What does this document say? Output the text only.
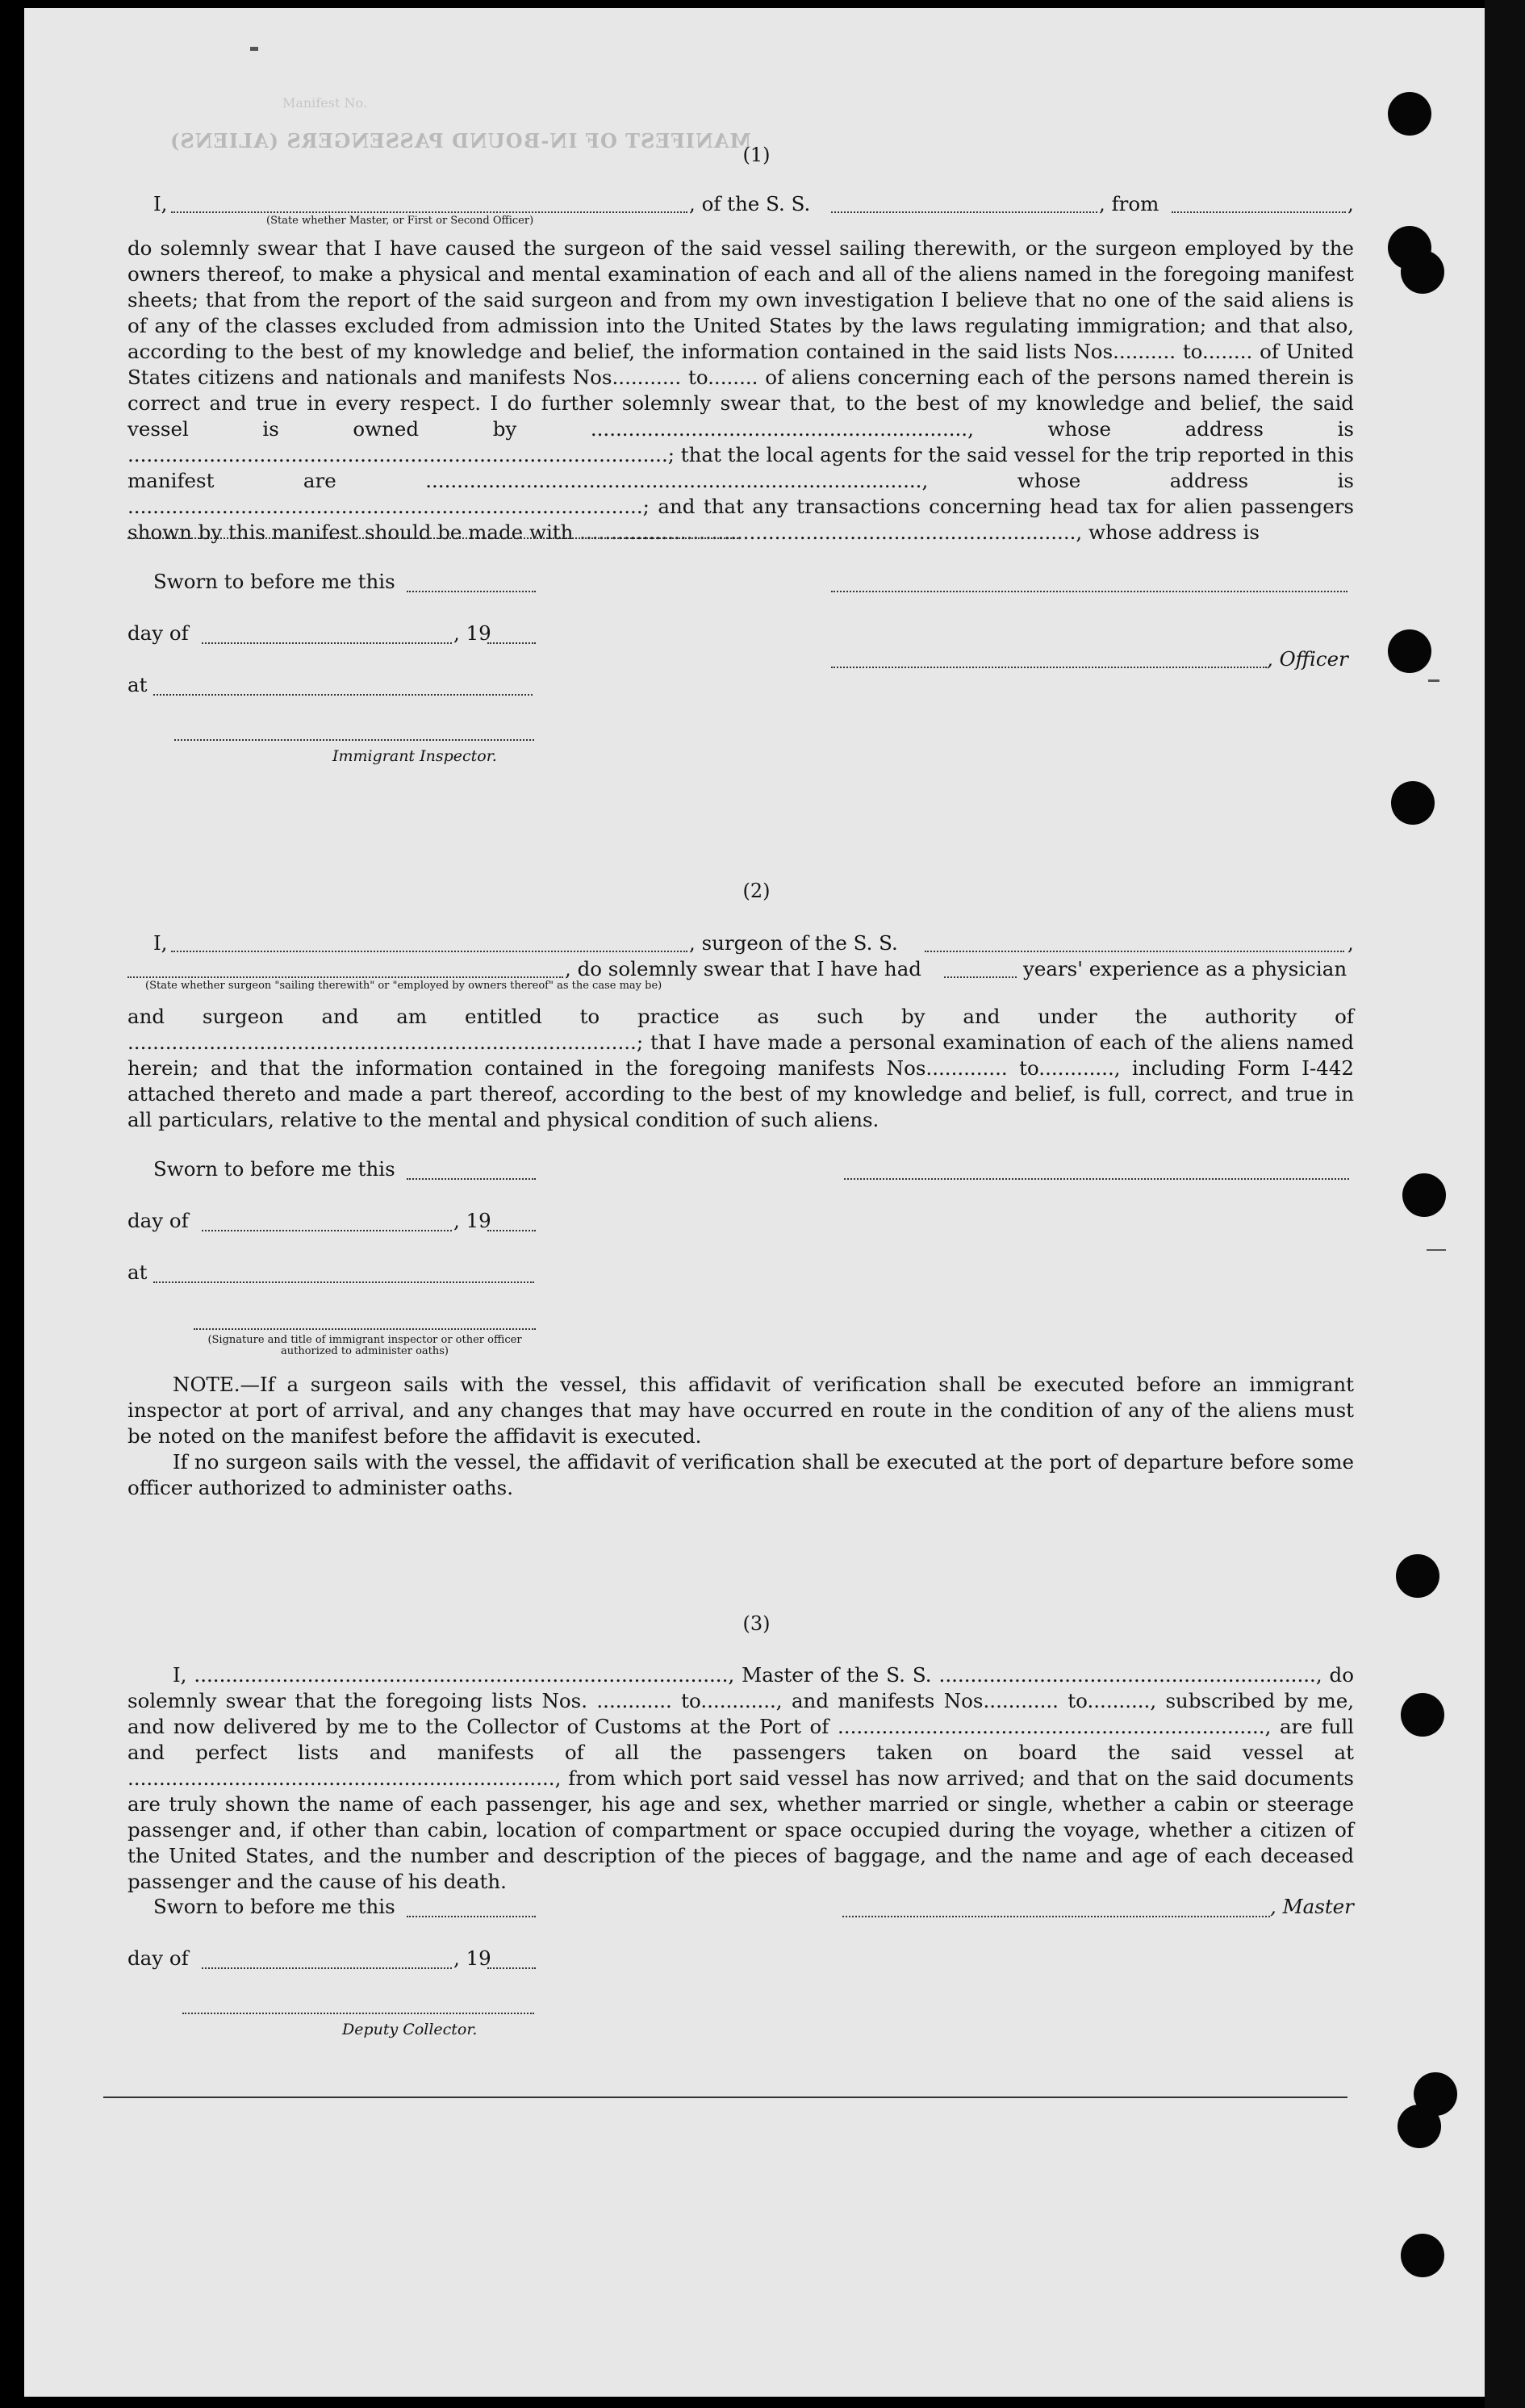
Manifest No.
MANIFEST OF IN-BOUND PASSENGERS (ALIENS)
(1)
I,	, of the S. S.	, from	,
(State whether Master, or First or Second Officer)
do solemnly swear that I have caused the surgeon of the said vessel sailing therewith, or the surgeon employed by the owners thereof, to make a physical and mental examination of each and all of the aliens named in the foregoing manifest sheets; that from the report of the said surgeon and from my own investigation I believe that no one of the said aliens is of any of the classes excluded from admission into the United States by the laws regulating immigration; and that also, according to the best of my knowledge and belief, the information contained in the said lists Nos.......... to........ of United States citizens and nationals and manifests Nos........... to........ of aliens concerning each of the persons named therein is correct and true in every respect. I do further solemnly swear that, to the best of my knowledge and belief, the said vessel is owned by ............................................................, whose address is ......................................................................................; that the local agents for the said vessel for the trip reported in this manifest are ..............................................................................., whose address is ..................................................................................; and that any transactions concerning head tax for alien passengers shown by this manifest should be made with ..............................................................................., whose address is
Sworn to before me this
day of	, 19
, Officer
at
Immigrant Inspector.
(2)
I,	, surgeon of the S. S.	,
, do solemnly swear that I have had	years' experience as a physician
(State whether surgeon "sailing therewith" or "employed by owners thereof" as the case may be)
and surgeon and am entitled to practice as such by and under the authority of .................................................................................; that I have made a personal examination of each of the aliens named herein; and that the information contained in the foregoing manifests Nos............. to............, including Form I-442 attached thereto and made a part thereof, according to the best of my knowledge and belief, is full, correct, and true in all particulars, relative to the mental and physical condition of such aliens.
Sworn to before me this
day of	, 19
at
(Signature and title of immigrant inspector or other officer authorized to administer oaths)
NOTE.—If a surgeon sails with the vessel, this affidavit of verification shall be executed before an immigrant inspector at port of arrival, and any changes that may have occurred en route in the condition of any of the aliens must be noted on the manifest before the affidavit is executed.
If no surgeon sails with the vessel, the affidavit of verification shall be executed at the port of departure before some officer authorized to administer oaths.
(3)
I, ....................................................................................., Master of the S. S. ............................................................, do solemnly swear that the foregoing lists Nos. ............ to............, and manifests Nos............ to.........., subscribed by me, and now delivered by me to the Collector of Customs at the Port of ...................................................................., are full and perfect lists and manifests of all the passengers taken on board the said vessel at ...................................................................., from which port said vessel has now arrived; and that on the said documents are truly shown the name of each passenger, his age and sex, whether married or single, whether a cabin or steerage passenger and, if other than cabin, location of compartment or space occupied during the voyage, whether a citizen of the United States, and the number and description of the pieces of baggage, and the name and age of each deceased passenger and the cause of his death.
Sworn to before me this	, Master
day of	, 19
Deputy Collector.
